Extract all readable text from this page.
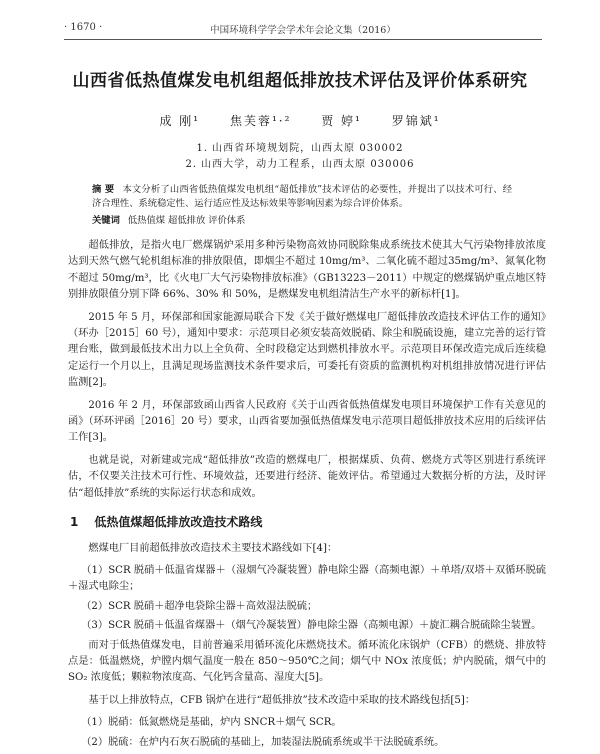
· 1670 ·	中国环境科学学会学术年会论文集（2016）
山西省低热值煤发电机组超低排放技术评估及评价体系研究
成 刚¹ 焦芙蓉¹·² 贾 婷¹ 罗锦斌¹
1. 山西省环境规划院，山西太原 030002
2. 山西大学，动力工程系，山西太原 030006
摘 要 本文分析了山西省低热值煤发电机组“超低排放”技术评估的必要性，并提出了以技术可行、经济合理性、系统稳定性、运行适应性及达标效果等影响因素为综合评价体系。
关键词 低热值煤 超低排放 评价体系

超低排放，是指火电厂燃煤锅炉采用多种污染物高效协同脱除集成系统技术使其大气污染物排放浓度达到天然气燃气轮机组标准的排放限值，即烟尘不超过 10mg/m³、二氧化硫不超过35mg/m³、氮氧化物不超过 50mg/m³，比《火电厂大气污染物排放标准》（GB13223－2011）中规定的燃煤锅炉重点地区特别排放限值分别下降 66%、30% 和 50%，是燃煤发电机组清洁生产水平的新标杆[1]。

2015 年 5 月，环保部和国家能源局联合下发《关于做好燃煤电厂超低排放改造技术评估工作的通知》（环办［2015］60 号），通知中要求：示范项目必须安装高效脱硝、除尘和脱硫设施，建立完善的运行管理台账，做到最低技术出力以上全负荷、全时段稳定达到燃机排放水平。示范项目环保改造完成后连续稳定运行一个月以上，且满足现场监测技术条件要求后，可委托有资质的监测机构对机组排放情况进行评估监测[2]。

2016 年 2 月，环保部致函山西省人民政府《关于山西省低热值煤发电项目环境保护工作有关意见的函》（环环评函［2016］20 号）要求，山西省要加强低热值煤发电示范项目超低排放技术应用的后续评估工作[3]。

也就是说，对新建或完成“超低排放”改造的燃煤电厂，根据煤质、负荷、燃烧方式等区别进行系统评估，不仅要关注技术可行性、环境效益，还要进行经济、能效评估。希望通过大数据分析的方法，及时评估“超低排放”系统的实际运行状态和成效。

1 低热值煤超低排放改造技术路线

燃煤电厂目前超低排放改造技术主要技术路线如下[4]：

（1）SCR 脱硝＋低温省煤器＋（湿烟气冷凝装置）静电除尘器（高频电源）＋单塔/双塔＋双循环脱硫＋湿式电除尘；

（2）SCR 脱硝＋超净电袋除尘器＋高效湿法脱硫；

（3）SCR 脱硝＋低温省煤器＋（烟气冷凝装置）静电除尘器（高频电源）＋旋汇耦合脱硫除尘装置。

而对于低热值煤发电，目前普遍采用循环流化床燃烧技术。循环流化床锅炉（CFB）的燃烧、排放特点是：低温燃烧，炉膛内烟气温度一般在 850～950℃之间；烟气中 NOx 浓度低；炉内脱硫，烟气中的 SO₂ 浓度低；颗粒物浓度高、气化钙含量高、湿度大[5]。

基于以上排放特点，CFB 锅炉在进行“超低排放”技术改造中采取的技术路线包括[5]：

（1）脱硝：低氮燃烧是基础，炉内 SNCR＋烟气 SCR。

（2）脱硫：在炉内石灰石脱硫的基础上，加装湿法脱硫系统或半干法脱硫系统。
